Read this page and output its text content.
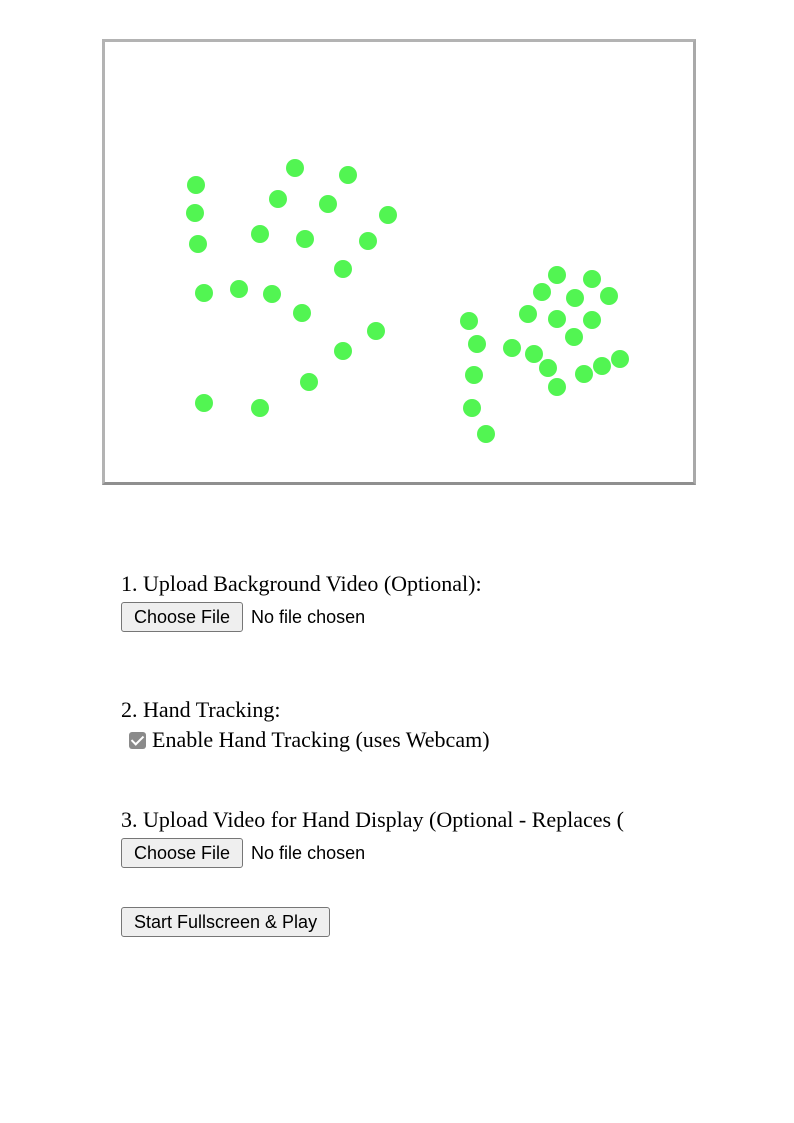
1. Upload Background Video (Optional):
Choose File	No file chosen
2. Hand Tracking:
Enable Hand Tracking (uses Webcam)
3. Upload Video for Hand Display (Optional - Replaces (
Choose File	No file chosen
Start Fullscreen & Play
